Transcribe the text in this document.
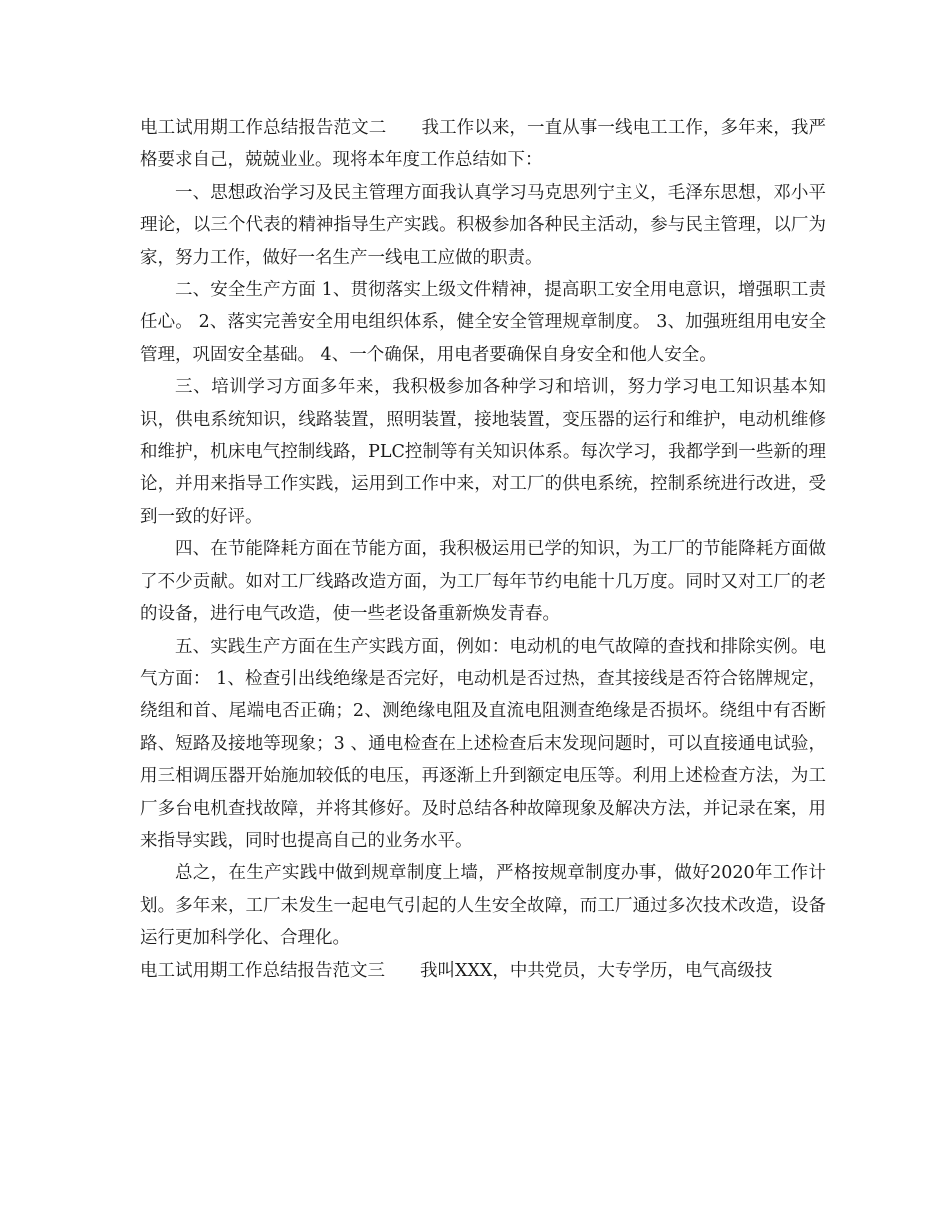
电工试用期工作总结报告范文二　　我工作以来，一直从事一线电工工作，多年来，我严格要求自己，兢兢业业。现将本年度工作总结如下：

一、思想政治学习及民主管理方面我认真学习马克思列宁主义，毛泽东思想，邓小平理论，以三个代表的精神指导生产实践。积极参加各种民主活动，参与民主管理，以厂为家，努力工作，做好一名生产一线电工应做的职责。

二、安全生产方面 1、贯彻落实上级文件精神，提高职工安全用电意识，增强职工责任心。 2、落实完善安全用电组织体系，健全安全管理规章制度。 3、加强班组用电安全管理，巩固安全基础。 4、一个确保，用电者要确保自身安全和他人安全。

三、培训学习方面多年来，我积极参加各种学习和培训，努力学习电工知识基本知识，供电系统知识，线路装置，照明装置，接地装置，变压器的运行和维护，电动机维修和维护，机床电气控制线路，PLC控制等有关知识体系。每次学习，我都学到一些新的理论，并用来指导工作实践，运用到工作中来，对工厂的供电系统，控制系统进行改进，受到一致的好评。

四、在节能降耗方面在节能方面，我积极运用已学的知识，为工厂的节能降耗方面做了不少贡献。如对工厂线路改造方面，为工厂每年节约电能十几万度。同时又对工厂的老的设备，进行电气改造，使一些老设备重新焕发青春。

五、实践生产方面在生产实践方面，例如：电动机的电气故障的查找和排除实例。电气方面： 1、检查引出线绝缘是否完好，电动机是否过热，查其接线是否符合铭牌规定，绕组和首、尾端电否正确；2、测绝缘电阻及直流电阻测查绝缘是否损坏。绕组中有否断路、短路及接地等现象；3 、通电检查在上述检查后末发现问题时，可以直接通电试验，用三相调压器开始施加较低的电压，再逐渐上升到额定电压等。利用上述检查方法，为工厂多台电机查找故障，并将其修好。及时总结各种故障现象及解决方法，并记录在案，用来指导实践，同时也提高自己的业务水平。

总之，在生产实践中做到规章制度上墙，严格按规章制度办事，做好2020年工作计划。多年来，工厂未发生一起电气引起的人生安全故障，而工厂通过多次技术改造，设备运行更加科学化、合理化。

电工试用期工作总结报告范文三　　我叫XXX，中共党员，大专学历，电气高级技
